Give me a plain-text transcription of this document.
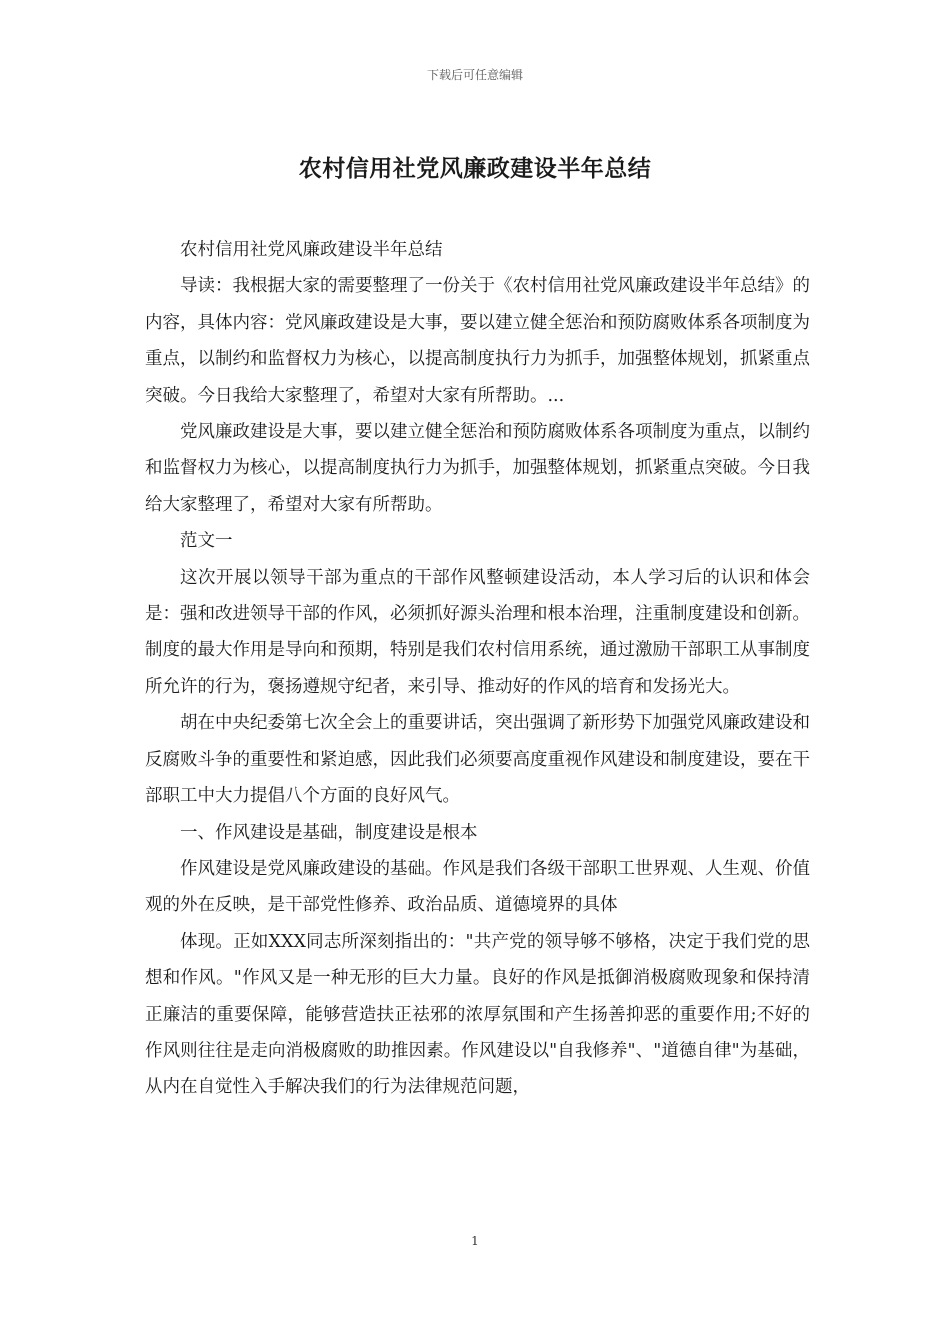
下载后可任意编辑
农村信用社党风廉政建设半年总结

农村信用社党风廉政建设半年总结

导读：我根据大家的需要整理了一份关于《农村信用社党风廉政建设半年总结》的内容，具体内容：党风廉政建设是大事，要以建立健全惩治和预防腐败体系各项制度为重点，以制约和监督权力为核心，以提高制度执行力为抓手，加强整体规划，抓紧重点突破。今日我给大家整理了，希望对大家有所帮助。...

党风廉政建设是大事，要以建立健全惩治和预防腐败体系各项制度为重点，以制约和监督权力为核心，以提高制度执行力为抓手，加强整体规划，抓紧重点突破。今日我给大家整理了，希望对大家有所帮助。

范文一

这次开展以领导干部为重点的干部作风整顿建设活动，本人学习后的认识和体会是：强和改进领导干部的作风，必须抓好源头治理和根本治理，注重制度建设和创新。制度的最大作用是导向和预期，特别是我们农村信用系统，通过激励干部职工从事制度所允许的行为，褒扬遵规守纪者，来引导、推动好的作风的培育和发扬光大。

胡在中央纪委第七次全会上的重要讲话，突出强调了新形势下加强党风廉政建设和反腐败斗争的重要性和紧迫感，因此我们必须要高度重视作风建设和制度建设，要在干部职工中大力提倡八个方面的良好风气。

一、作风建设是基础，制度建设是根本

作风建设是党风廉政建设的基础。作风是我们各级干部职工世界观、人生观、价值观的外在反映，是干部党性修养、政治品质、道德境界的具体

体现。正如XXX同志所深刻指出的："共产党的领导够不够格，决定于我们党的思想和作风。"作风又是一种无形的巨大力量。良好的作风是抵御消极腐败现象和保持清正廉洁的重要保障，能够营造扶正祛邪的浓厚氛围和产生扬善抑恶的重要作用;不好的作风则往往是走向消极腐败的助推因素。作风建设以"自我修养"、"道德自律"为基础，从内在自觉性入手解决我们的行为法律规范问题，

1
